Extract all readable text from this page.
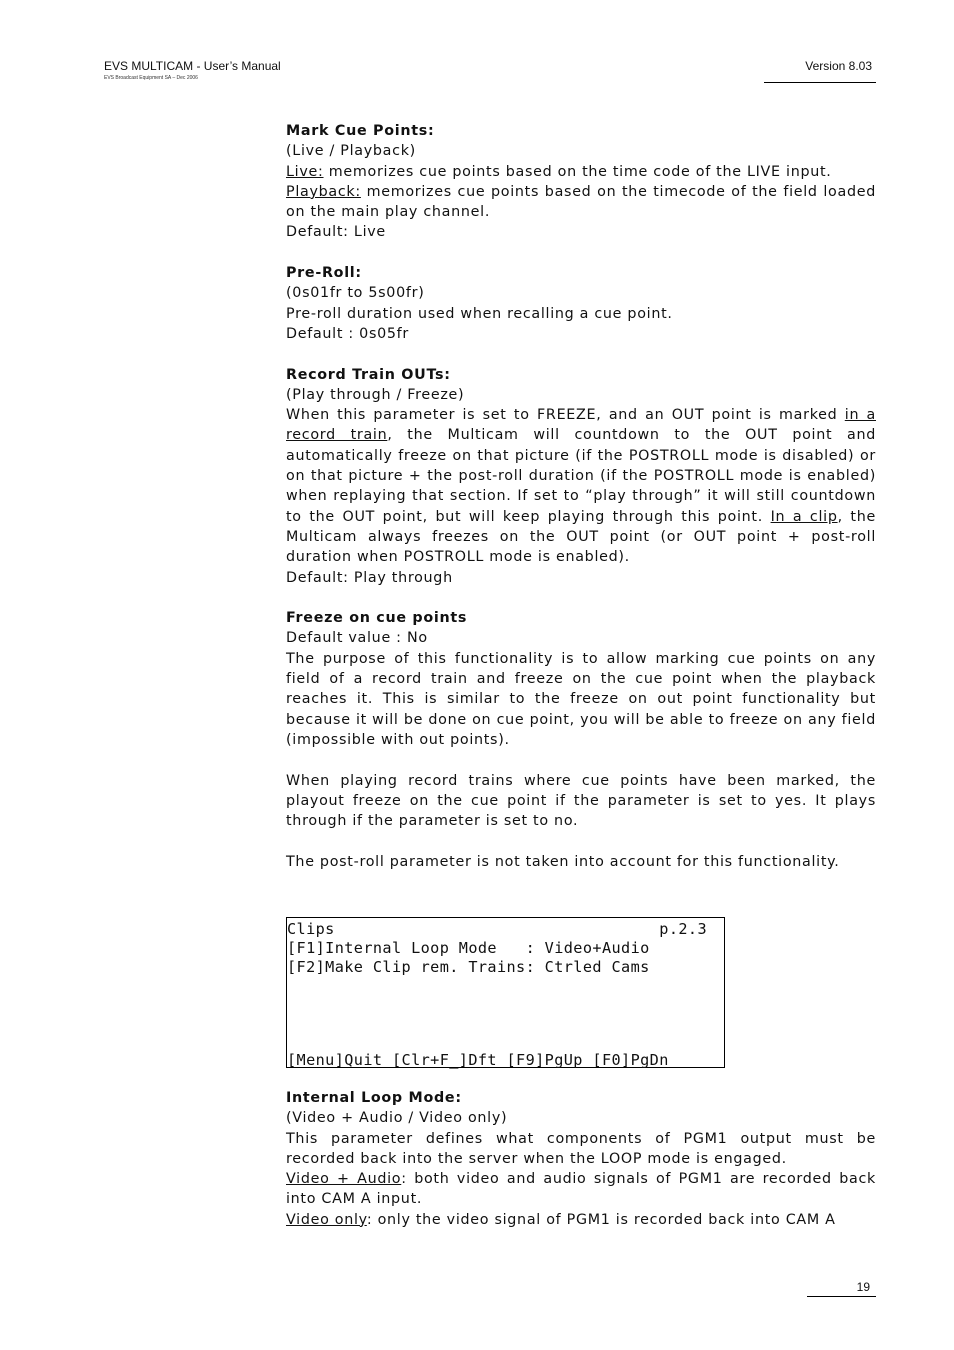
EVS MULTICAM - User’s Manual
EVS Broadcast Equipment SA – Dec 2006
Version 8.03

Mark Cue Points:

(Live / Playback)

Live: memorizes cue points based on the time code of the LIVE input.

Playback: memorizes cue points based on the timecode of the field loaded on the main play channel.

Default: Live

Pre-Roll:

(0s01fr to 5s00fr)

Pre-roll duration used when recalling a cue point.

Default : 0s05fr

Record Train OUTs:

(Play through / Freeze)

When this parameter is set to FREEZE, and an OUT point is marked in a record train, the Multicam will countdown to the OUT point and automatically freeze on that picture (if the POSTROLL mode is disabled) or on that picture + the post-roll duration (if the POSTROLL mode is enabled) when replaying that section. If set to “play through” it will still countdown to the OUT point, but will keep playing through this point. In a clip, the Multicam always freezes on the OUT point (or OUT point + post-roll duration when POSTROLL mode is enabled).

Default: Play through

Freeze on cue points

Default value : No

The purpose of this functionality is to allow marking cue points on any field of a record train and freeze on the cue point when the playback reaches it. This is similar to the freeze on out point functionality but because it will be done on cue point, you will be able to freeze on any field (impossible with out points).

When playing record trains where cue points have been marked, the playout freeze on the cue point if the parameter is set to yes. It plays through if the parameter is set to no.

The post-roll parameter is not taken into account for this functionality.

Clips	p.2.3
[F1]Internal Loop Mode   : Video+Audio
[F2]Make Clip rem. Trains: Ctrled Cams
[Menu]Quit [Clr+F_]Dft [F9]PgUp [F0]PgDn

Internal Loop Mode:

(Video + Audio / Video only)

This parameter defines what components of PGM1 output must be recorded back into the server when the LOOP mode is engaged.

Video + Audio: both video and audio signals of PGM1 are recorded back into CAM A input.

Video only: only the video signal of PGM1 is recorded back into CAM A

19
